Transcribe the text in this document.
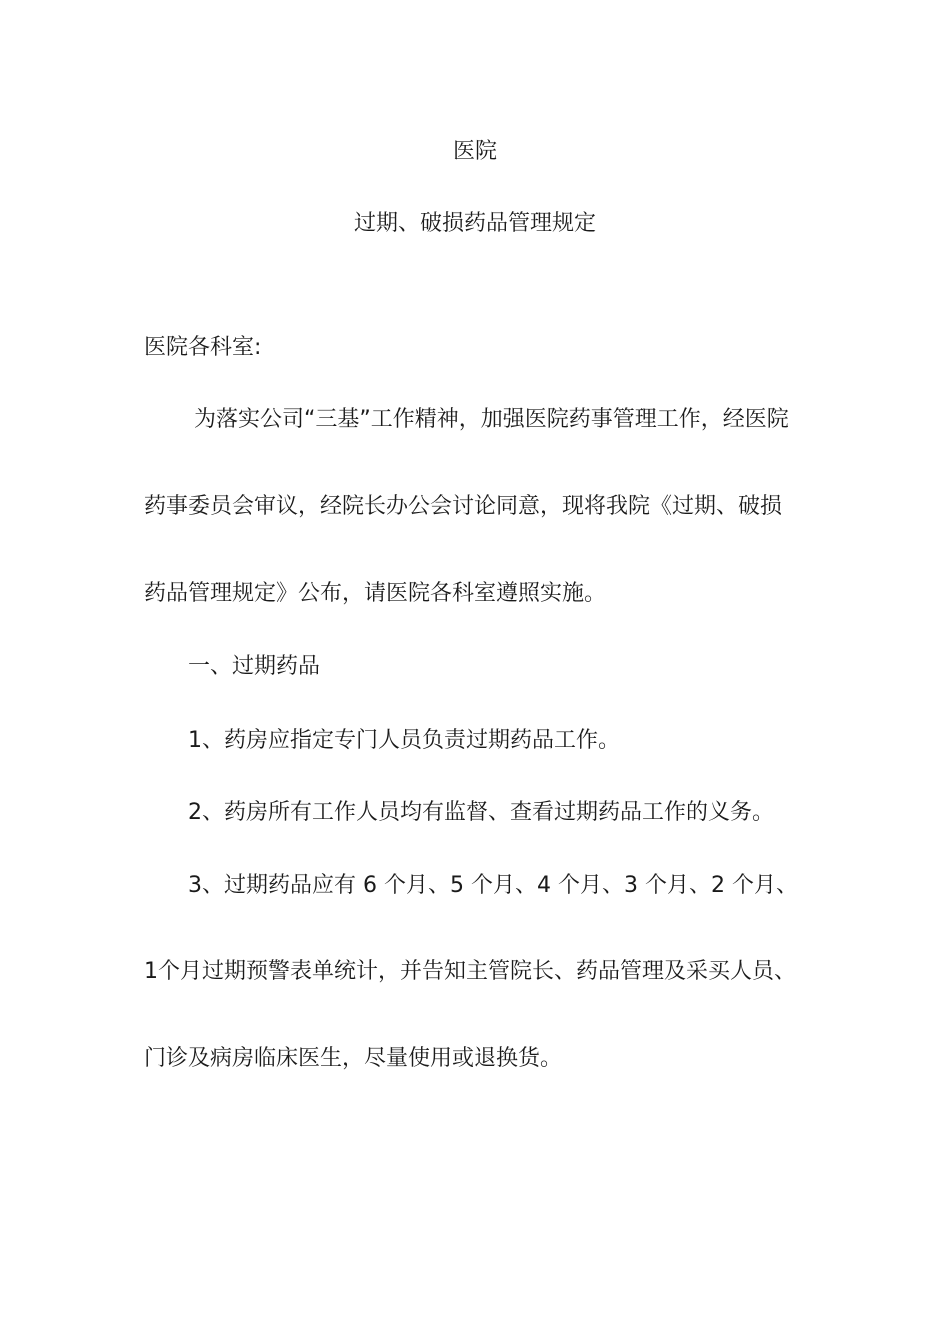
医院

过期、破损药品管理规定

医院各科室:

为落实公司“三基”工作精神，加强医院药事管理工作，经医院

药事委员会审议，经院长办公会讨论同意，现将我院《过期、破损

药品管理规定》公布，请医院各科室遵照实施。

一、过期药品

1、药房应指定专门人员负责过期药品工作。

2、药房所有工作人员均有监督、查看过期药品工作的义务。

3、过期药品应有 6 个月、5 个月、4 个月、3 个月、2 个月、

1个月过期预警表单统计，并告知主管院长、药品管理及采买人员、

门诊及病房临床医生，尽量使用或退换货。
